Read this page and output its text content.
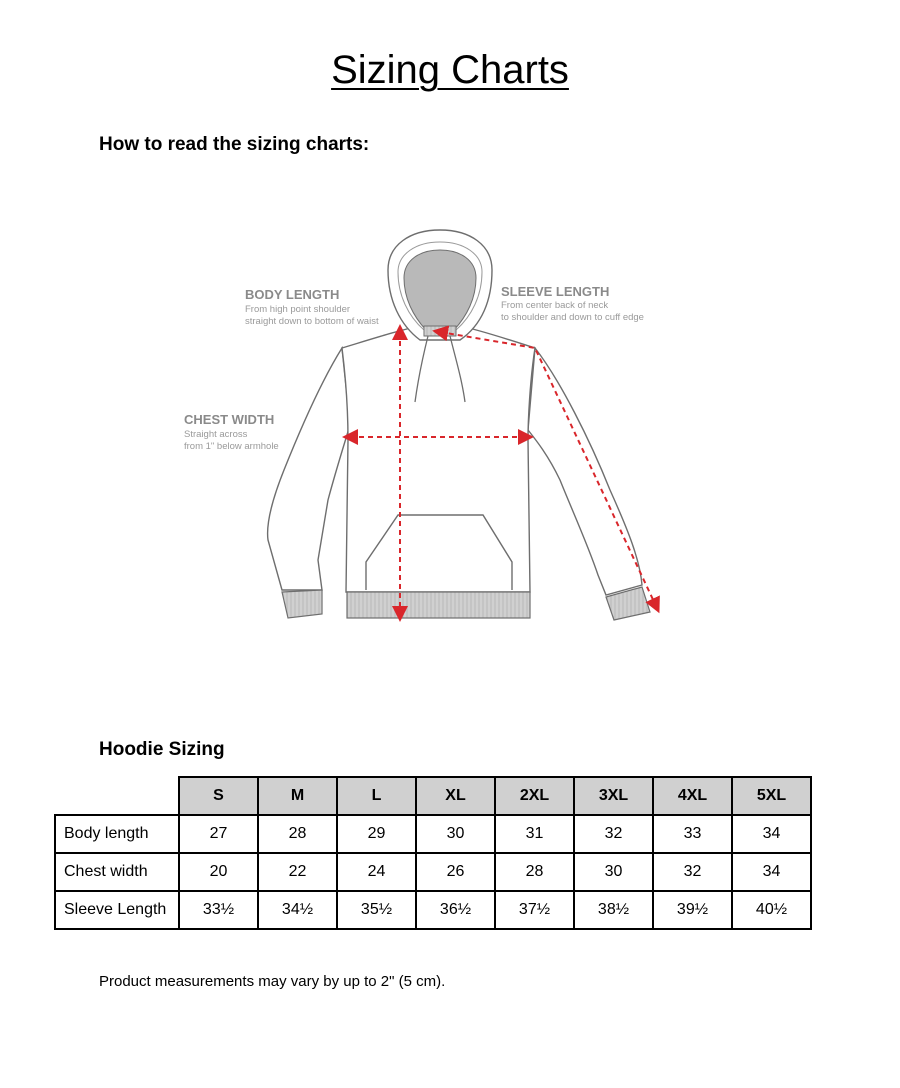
Sizing Charts
How to read the sizing charts:
BODY LENGTH
From high point shoulder
straight down to bottom of waist
SLEEVE LENGTH
From center back of neck
to shoulder and down to cuff edge
CHEST WIDTH
Straight across
from 1" below armhole
Hoodie Sizing
	S	M	L	XL	2XL	3XL	4XL	5XL
Body length	27	28	29	30	31	32	33	34
Chest width	20	22	24	26	28	30	32	34
Sleeve Length	33½	34½	35½	36½	37½	38½	39½	40½
Product measurements may vary by up to 2" (5 cm).
